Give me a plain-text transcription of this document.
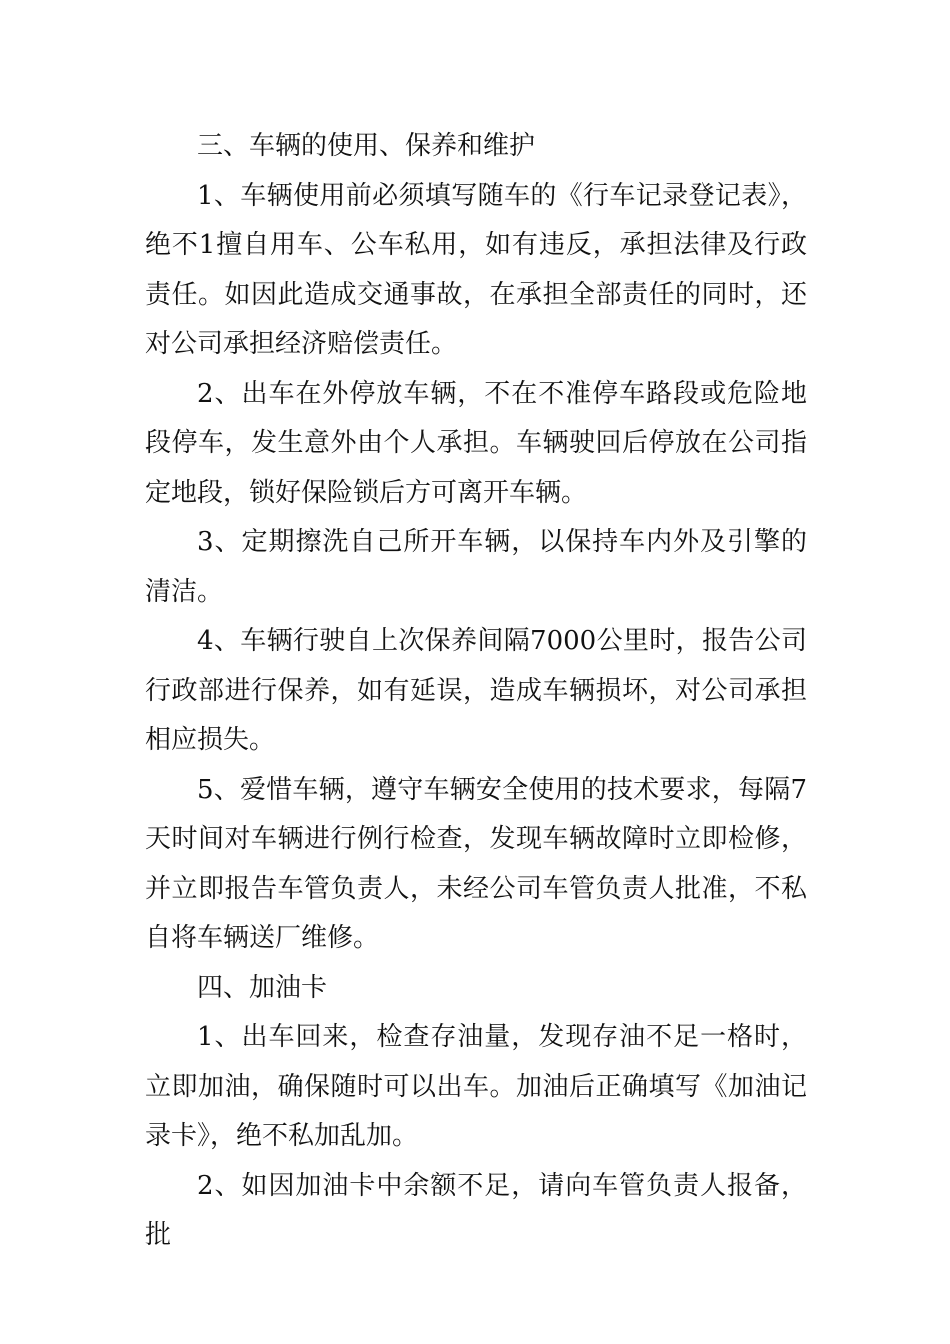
三、车辆的使用、保养和维护

1、车辆使用前必须填写随车的《行车记录登记表》，绝不1擅自用车、公车私用，如有违反，承担法律及行政责任。如因此造成交通事故，在承担全部责任的同时，还对公司承担经济赔偿责任。

2、出车在外停放车辆，不在不准停车路段或危险地段停车，发生意外由个人承担。车辆驶回后停放在公司指定地段，锁好保险锁后方可离开车辆。

3、定期擦洗自己所开车辆，以保持车内外及引擎的清洁。

4、车辆行驶自上次保养间隔7000公里时，报告公司行政部进行保养，如有延误，造成车辆损坏，对公司承担相应损失。

5、爱惜车辆，遵守车辆安全使用的技术要求，每隔7天时间对车辆进行例行检查，发现车辆故障时立即检修，并立即报告车管负责人，未经公司车管负责人批准，不私自将车辆送厂维修。

四、加油卡

1、出车回来，检查存油量，发现存油不足一格时，立即加油，确保随时可以出车。加油后正确填写《加油记录卡》，绝不私加乱加。

2、如因加油卡中余额不足，请向车管负责人报备，批
